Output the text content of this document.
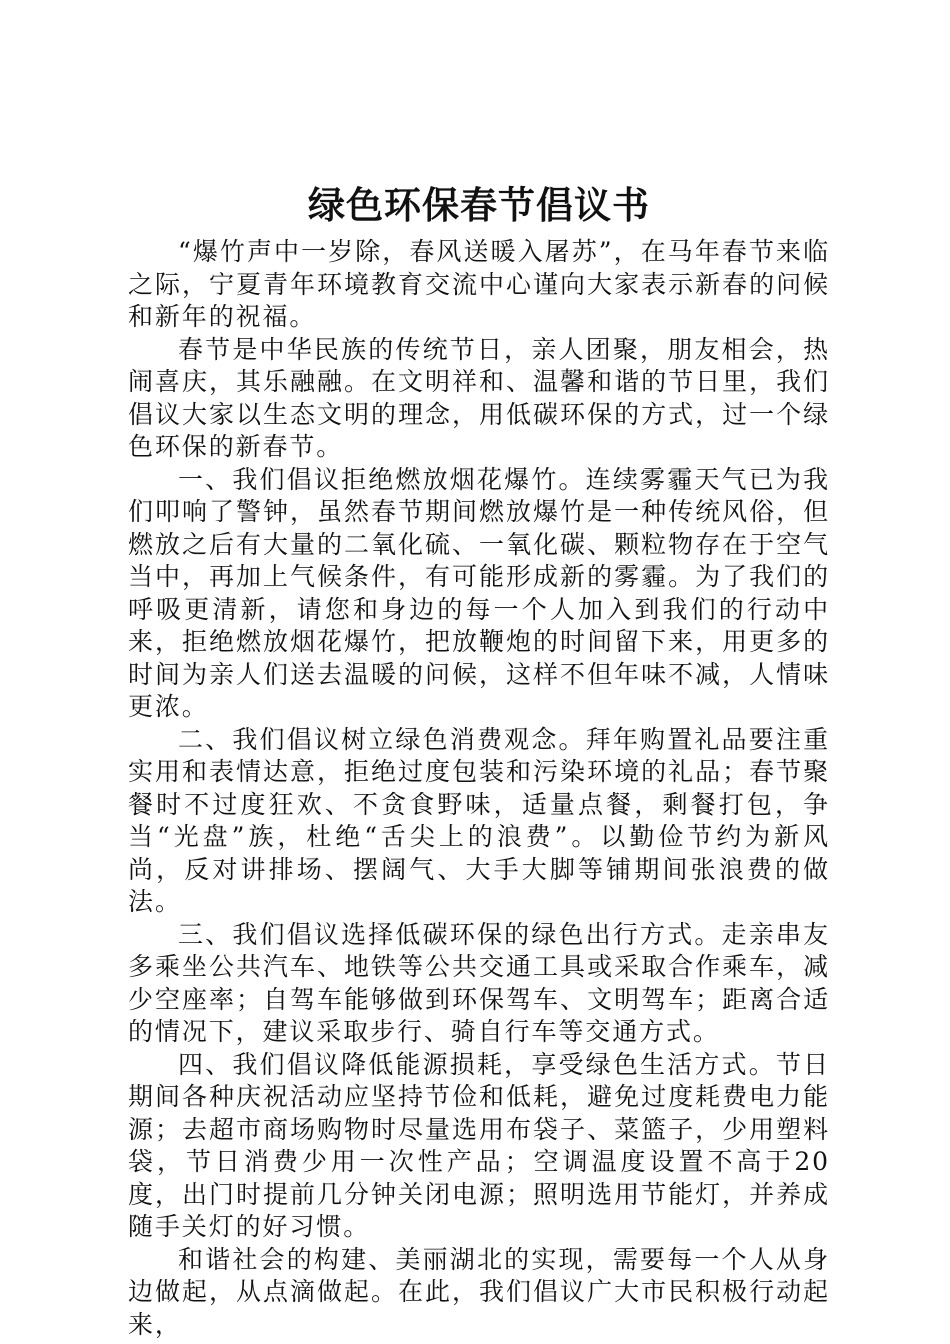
绿色环保春节倡议书

“爆竹声中一岁除，春风送暖入屠苏”，在马年春节来临之际，宁夏青年环境教育交流中心谨向大家表示新春的问候和新年的祝福。

春节是中华民族的传统节日，亲人团聚，朋友相会，热闹喜庆，其乐融融。在文明祥和、温馨和谐的节日里，我们倡议大家以生态文明的理念，用低碳环保的方式，过一个绿色环保的新春节。

一、我们倡议拒绝燃放烟花爆竹。连续雾霾天气已为我们叩响了警钟，虽然春节期间燃放爆竹是一种传统风俗，但燃放之后有大量的二氧化硫、一氧化碳、颗粒物存在于空气当中，再加上气候条件，有可能形成新的雾霾。为了我们的呼吸更清新，请您和身边的每一个人加入到我们的行动中来，拒绝燃放烟花爆竹，把放鞭炮的时间留下来，用更多的时间为亲人们送去温暖的问候，这样不但年味不减，人情味更浓。

二、我们倡议树立绿色消费观念。拜年购置礼品要注重实用和表情达意，拒绝过度包装和污染环境的礼品；春节聚餐时不过度狂欢、不贪食野味，适量点餐，剩餐打包，争当“光盘”族，杜绝“舌尖上的浪费”。以勤俭节约为新风尚，反对讲排场、摆阔气、大手大脚等铺期间张浪费的做法。

三、我们倡议选择低碳环保的绿色出行方式。走亲串友多乘坐公共汽车、地铁等公共交通工具或采取合作乘车，减少空座率；自驾车能够做到环保驾车、文明驾车；距离合适的情况下，建议采取步行、骑自行车等交通方式。

四、我们倡议降低能源损耗，享受绿色生活方式。节日期间各种庆祝活动应坚持节俭和低耗，避免过度耗费电力能源；去超市商场购物时尽量选用布袋子、菜篮子，少用塑料袋，节日消费少用一次性产品；空调温度设置不高于20度，出门时提前几分钟关闭电源；照明选用节能灯，并养成随手关灯的好习惯。

和谐社会的构建、美丽湖北的实现，需要每一个人从身边做起，从点滴做起。在此，我们倡议广大市民积极行动起来，
